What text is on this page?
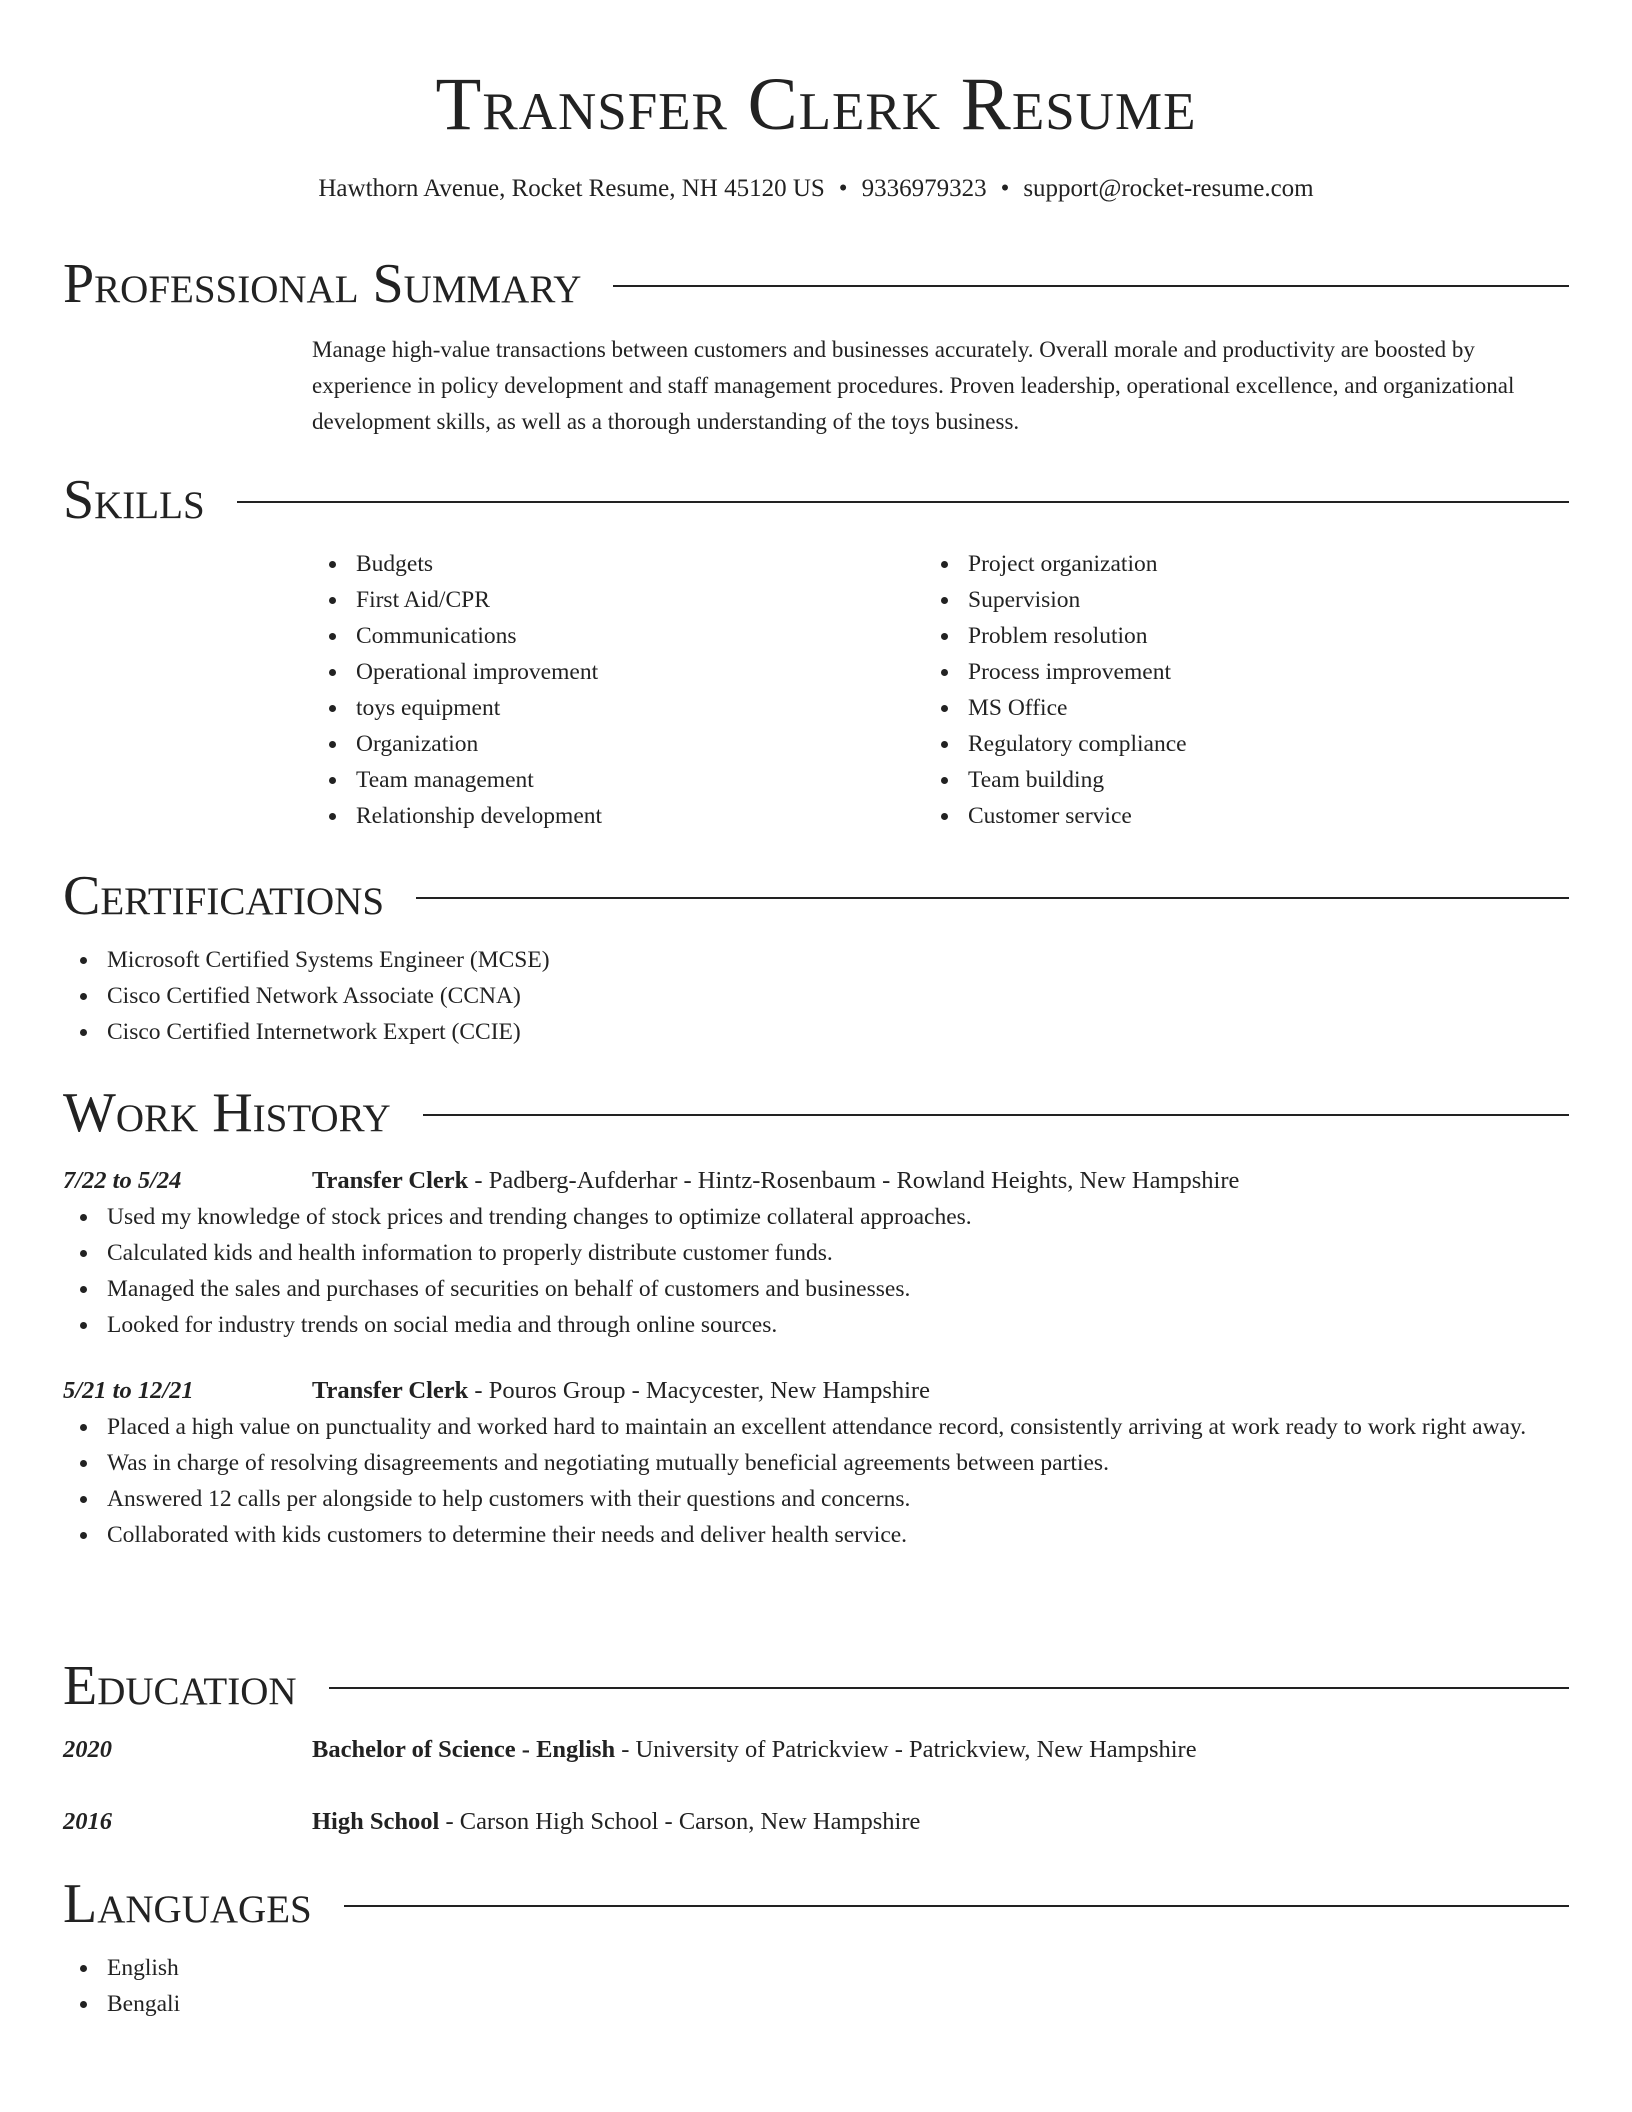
Transfer Clerk Resume
Hawthorn Avenue, Rocket Resume, NH 45120 US • 9336979323 • support@rocket-resume.com
Professional Summary
Manage high-value transactions between customers and businesses accurately. Overall morale and productivity are boosted by experience in policy development and staff management procedures. Proven leadership, operational excellence, and organizational development skills, as well as a thorough understanding of the toys business.
Skills
Budgets
First Aid/CPR
Communications
Operational improvement
toys equipment
Organization
Team management
Relationship development
Project organization
Supervision
Problem resolution
Process improvement
MS Office
Regulatory compliance
Team building
Customer service
Certifications
Microsoft Certified Systems Engineer (MCSE)
Cisco Certified Network Associate (CCNA)
Cisco Certified Internetwork Expert (CCIE)
Work History
7/22 to 5/24	Transfer Clerk - Padberg-Aufderhar - Hintz-Rosenbaum - Rowland Heights, New Hampshire
Used my knowledge of stock prices and trending changes to optimize collateral approaches.
Calculated kids and health information to properly distribute customer funds.
Managed the sales and purchases of securities on behalf of customers and businesses.
Looked for industry trends on social media and through online sources.
5/21 to 12/21	Transfer Clerk - Pouros Group - Macycester, New Hampshire
Placed a high value on punctuality and worked hard to maintain an excellent attendance record, consistently arriving at work ready to work right away.
Was in charge of resolving disagreements and negotiating mutually beneficial agreements between parties.
Answered 12 calls per alongside to help customers with their questions and concerns.
Collaborated with kids customers to determine their needs and deliver health service.
Education
2020	Bachelor of Science - English - University of Patrickview - Patrickview, New Hampshire
2016	High School - Carson High School - Carson, New Hampshire
Languages
English
Bengali
